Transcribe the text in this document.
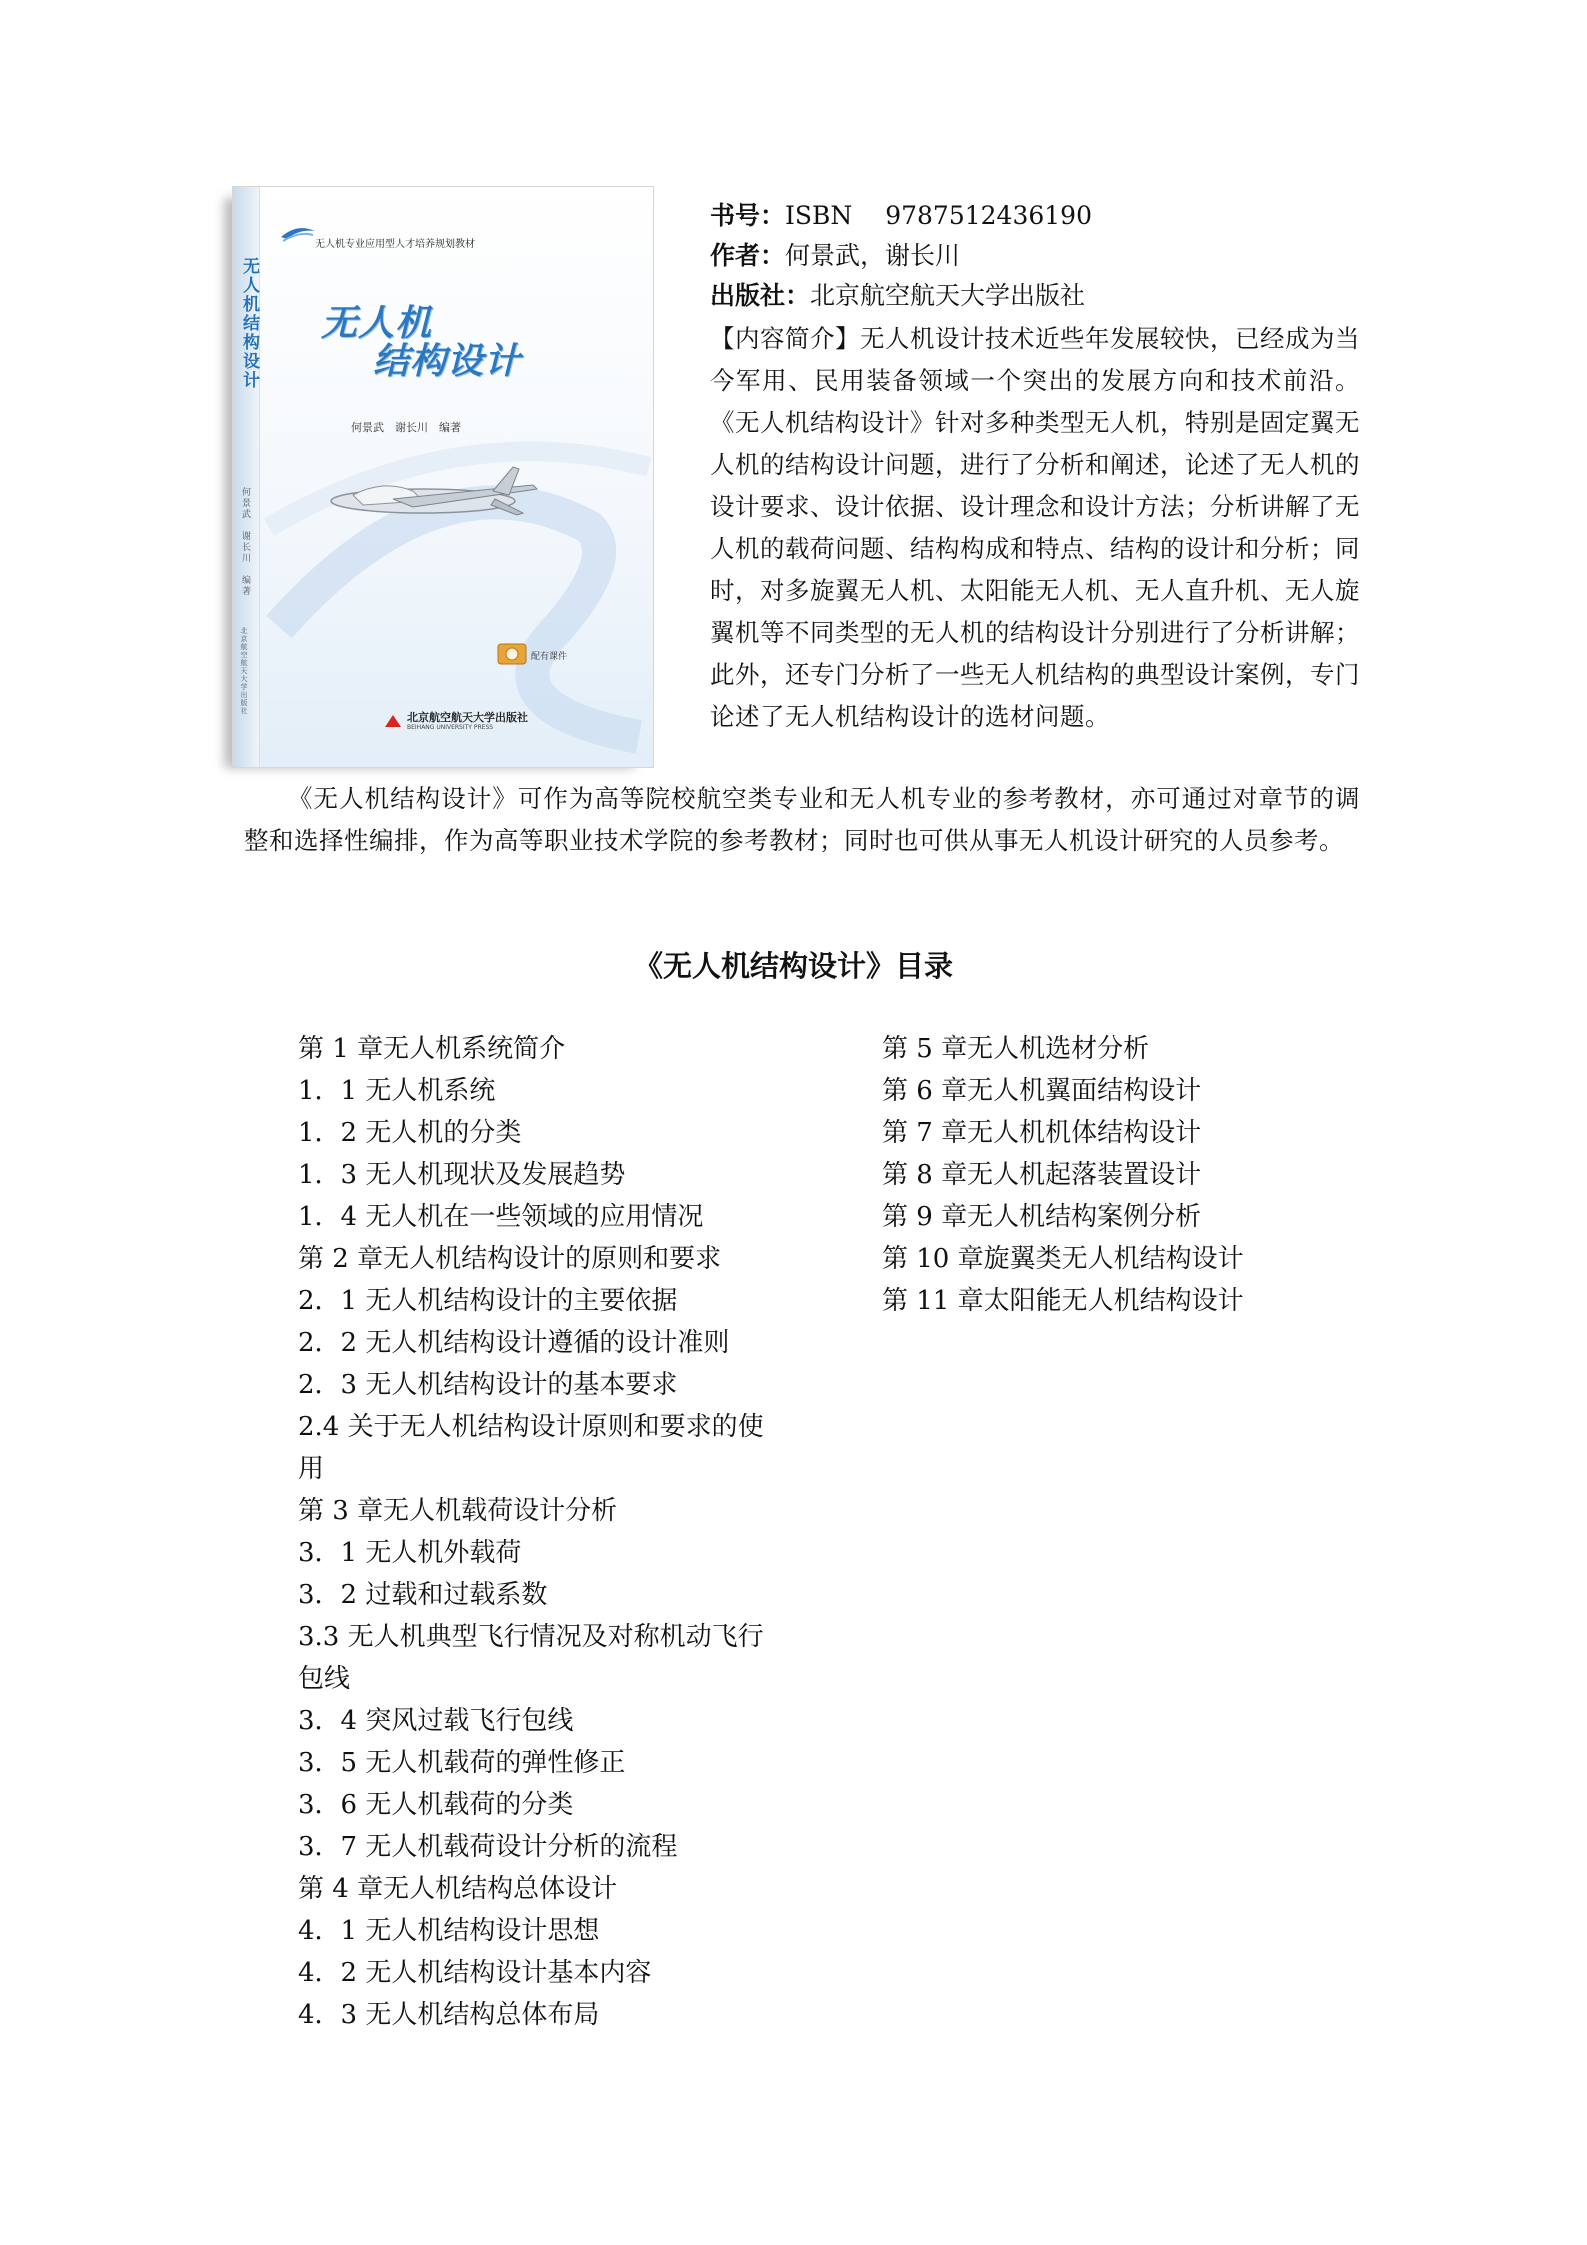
无人机结构设计
何景武　谢长川　编著
北京航空航天大学出版社
无人机专业应用型人才培养规划教材
无人机
结构设计
何景武　谢长川　编著
配有课件
北京航空航天大学出版社
BEIHANG UNIVERSITY PRESS

书号：ISBN　 9787512436190

作者：何景武，谢长川

出版社：北京航空航天大学出版社

【内容简介】无人机设计技术近些年发展较快，已经成为当今军用、民用装备领域一个突出的发展方向和技术前沿。《无人机结构设计》针对多种类型无人机，特别是固定翼无人机的结构设计问题，进行了分析和阐述，论述了无人机的设计要求、设计依据、设计理念和设计方法；分析讲解了无人机的载荷问题、结构构成和特点、结构的设计和分析；同时，对多旋翼无人机、太阳能无人机、无人直升机、无人旋翼机等不同类型的无人机的结构设计分别进行了分析讲解；此外，还专门分析了一些无人机结构的典型设计案例，专门论述了无人机结构设计的选材问题。

《无人机结构设计》可作为高等院校航空类专业和无人机专业的参考教材，亦可通过对章节的调整和选择性编排，作为高等职业技术学院的参考教材；同时也可供从事无人机设计研究的人员参考。

《无人机结构设计》目录
第 1 章无人机系统简介
1．1 无人机系统
1．2 无人机的分类
1．3 无人机现状及发展趋势
1．4 无人机在一些领域的应用情况
第 2 章无人机结构设计的原则和要求
2．1 无人机结构设计的主要依据
2．2 无人机结构设计遵循的设计准则
2．3 无人机结构设计的基本要求
2.4 关于无人机结构设计原则和要求的使用
第 3 章无人机载荷设计分析
3．1 无人机外载荷
3．2 过载和过载系数
3.3 无人机典型飞行情况及对称机动飞行包线
3．4 突风过载飞行包线
3．5 无人机载荷的弹性修正
3．6 无人机载荷的分类
3．7 无人机载荷设计分析的流程
第 4 章无人机结构总体设计
4．1 无人机结构设计思想
4．2 无人机结构设计基本内容
4．3 无人机结构总体布局
第 5 章无人机选材分析
第 6 章无人机翼面结构设计
第 7 章无人机机体结构设计
第 8 章无人机起落装置设计
第 9 章无人机结构案例分析
第 10 章旋翼类无人机结构设计
第 11 章太阳能无人机结构设计
